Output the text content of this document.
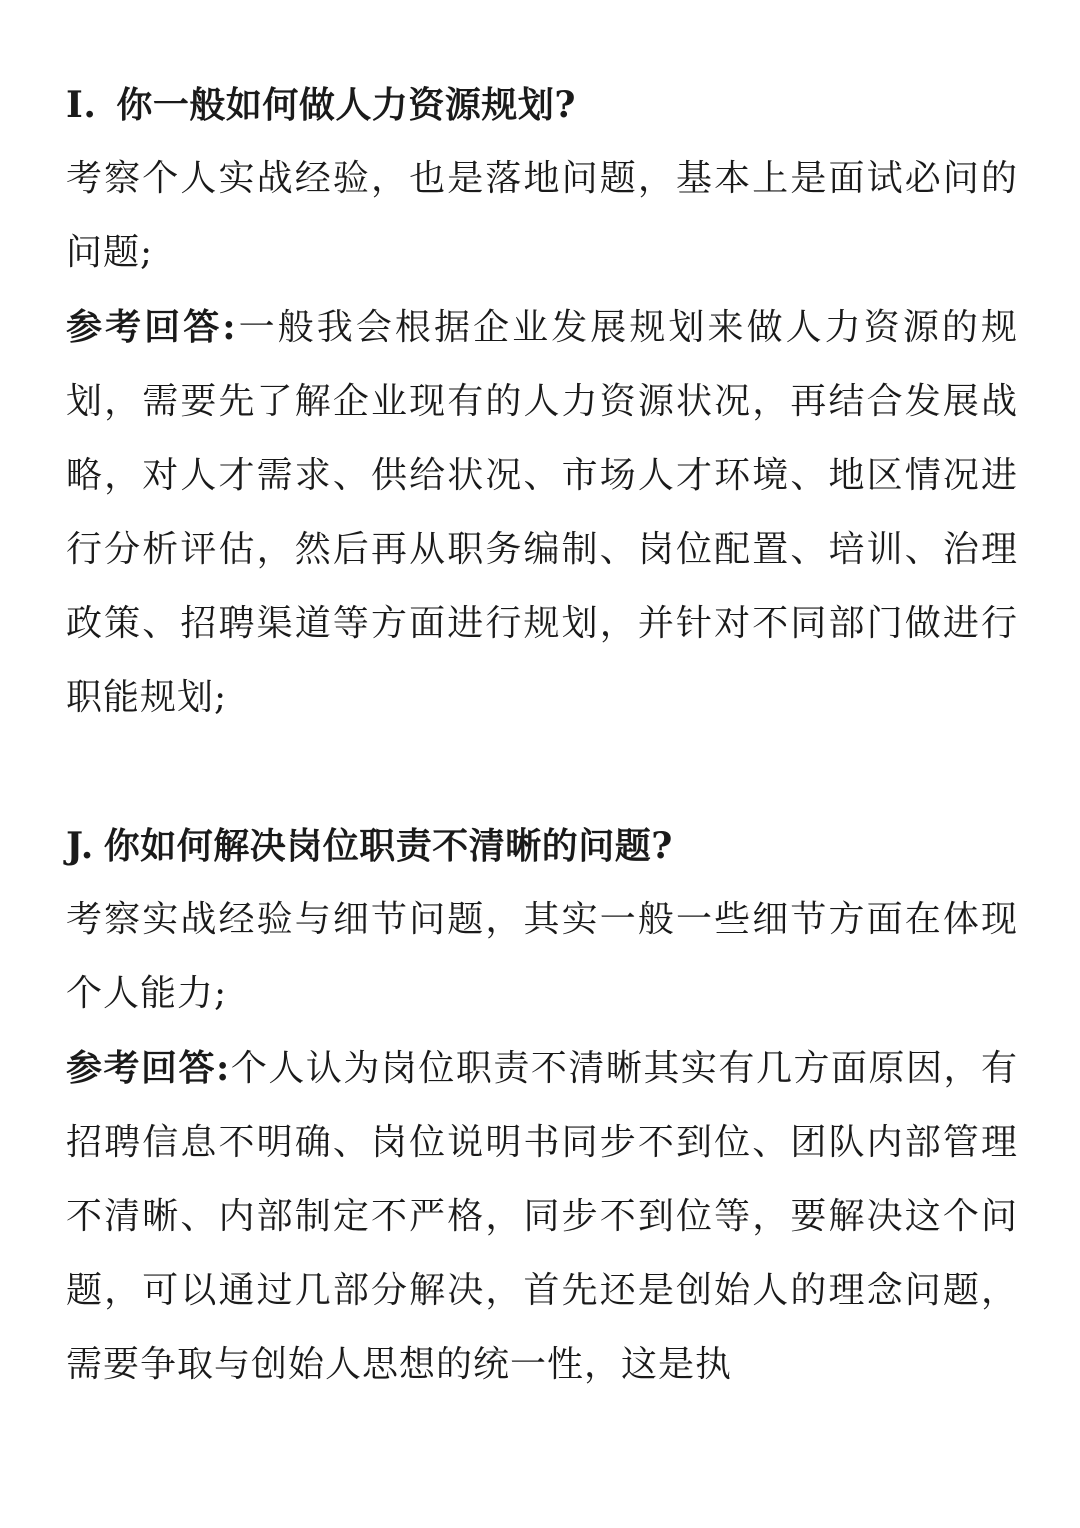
I. 你一般如何做人力资源规划?

考察个人实战经验，也是落地问题，基本上是面试必问的问题;

参考回答:一般我会根据企业发展规划来做人力资源的规划，需要先了解企业现有的人力资源状况，再结合发展战略，对人才需求、供给状况、市场人才环境、地区情况进行分析评估，然后再从职务编制、岗位配置、培训、治理政策、招聘渠道等方面进行规划，并针对不同部门做进行职能规划;

J. 你如何解决岗位职责不清晰的问题?

考察实战经验与细节问题，其实一般一些细节方面在体现个人能力;

参考回答:个人认为岗位职责不清晰其实有几方面原因，有招聘信息不明确、岗位说明书同步不到位、团队内部管理不清晰、内部制定不严格，同步不到位等，要解决这个问题，可以通过几部分解决，首先还是创始人的理念问题，需要争取与创始人思想的统一性，这是执
